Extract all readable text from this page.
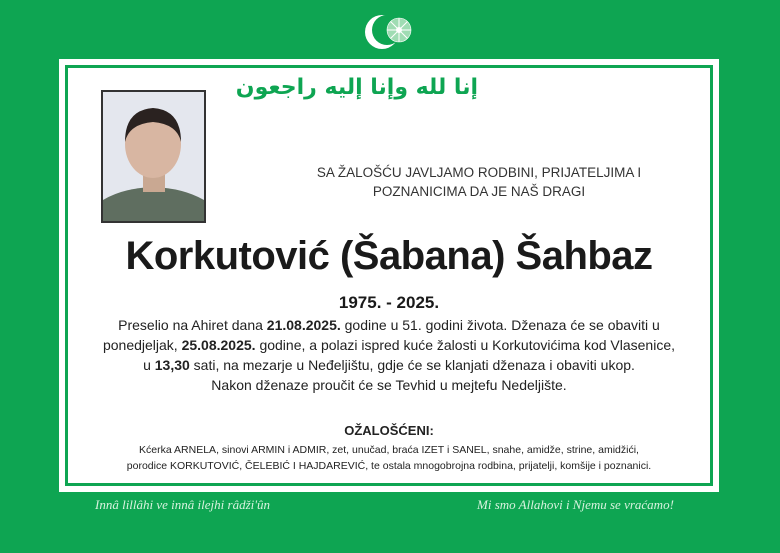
إنا لله وإنا إليه راجعون
SA ŽALOŠĆU JAVLJAMO RODBINI, PRIJATELJIMA I
POZNANICIMA DA JE NAŠ DRAGI
Korkutović (Šabana) Šahbaz
1975. - 2025.
Preselio na Ahiret dana 21.08.2025. godine u 51. godini života. Dženaza će se obaviti u
ponedjeljak, 25.08.2025. godine, a polazi ispred kuće žalosti u Korkutovićima kod Vlasenice,
u 13,30 sati, na mezarje u Neđeljištu, gdje će se klanjati dženaza i obaviti ukop.
Nakon dženaze proučit će se Tevhid u mejtefu Nedeljište.
OŽALOŠĆENI:
Kćerka ARNELA, sinovi ARMIN i ADMIR, zet, unučad, braća IZET i SANEL, snahe, amidže, strine, amidžići,
porodice KORKUTOVIĆ, ČELEBIĆ I HAJDAREVIĆ, te ostala mnogobrojna rodbina, prijatelji, komšije i poznanici.
Innâ lillâhi ve innâ ilejhi râdži'ûn	Mi smo Allahovi i Njemu se vraćamo!
